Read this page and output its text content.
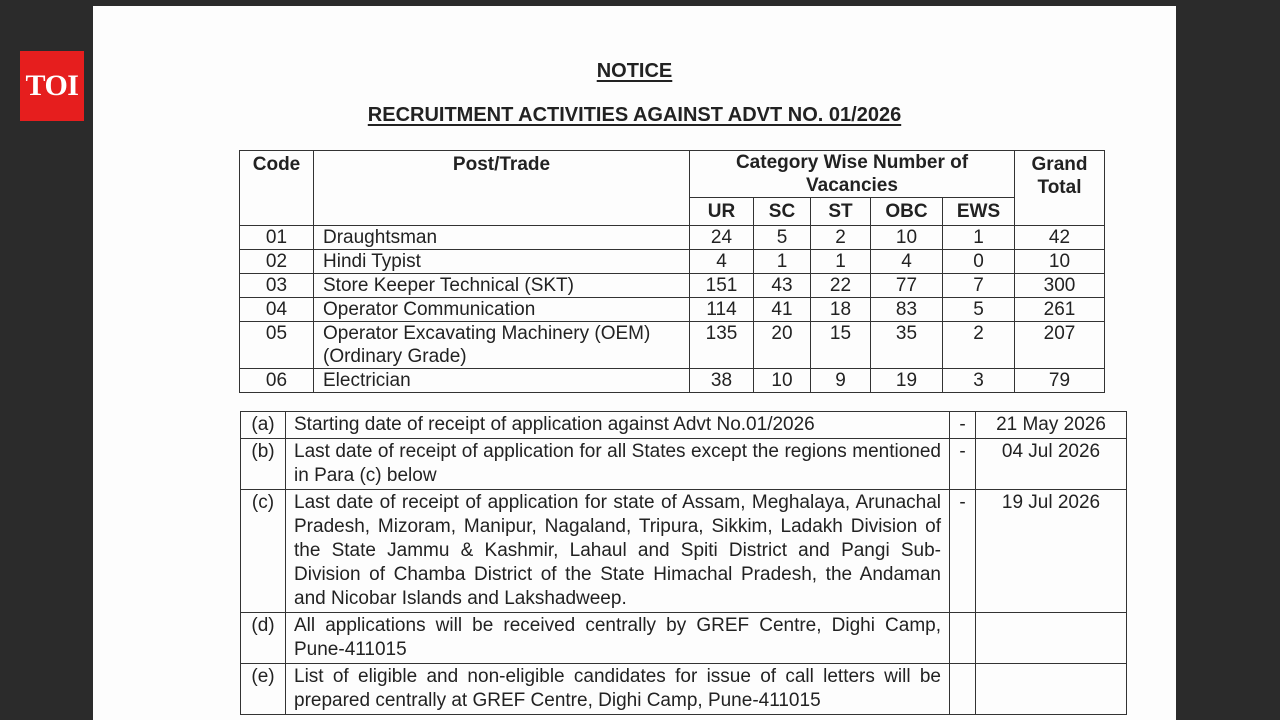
TOI	NOTICE
RECRUITMENT ACTIVITIES AGAINST ADVT NO. 01/2026
Code	Post/Trade	Category Wise Number of Vacancies					Grand Total
		UR	SC	ST	OBC	EWS	
01	Draughtsman	24	5	2	10	1	42
02	Hindi Typist	4	1	1	4	0	10
03	Store Keeper Technical (SKT)	151	43	22	77	7	300
04	Operator Communication	114	41	18	83	5	261
05	Operator Excavating Machinery (OEM) (Ordinary Grade)	135	20	15	35	2	207
06	Electrician	38	10	9	19	3	79
(a)	Starting date of receipt of application against Advt No.01/2026	-	21 May 2026
(b)	Last date of receipt of application for all States except the regions mentioned in Para (c) below	-	04 Jul 2026
(c)	Last date of receipt of application for state of Assam, Meghalaya, Arunachal Pradesh, Mizoram, Manipur, Nagaland, Tripura, Sikkim, Ladakh Division of the State Jammu & Kashmir, Lahaul and Spiti District and Pangi Sub-Division of Chamba District of the State Himachal Pradesh, the Andaman and Nicobar Islands and Lakshadweep.	-	19 Jul 2026
(d)	All applications will be received centrally by GREF Centre, Dighi Camp, Pune-411015		
(e)	List of eligible and non-eligible candidates for issue of call letters will be prepared centrally at GREF Centre, Dighi Camp, Pune-411015		
